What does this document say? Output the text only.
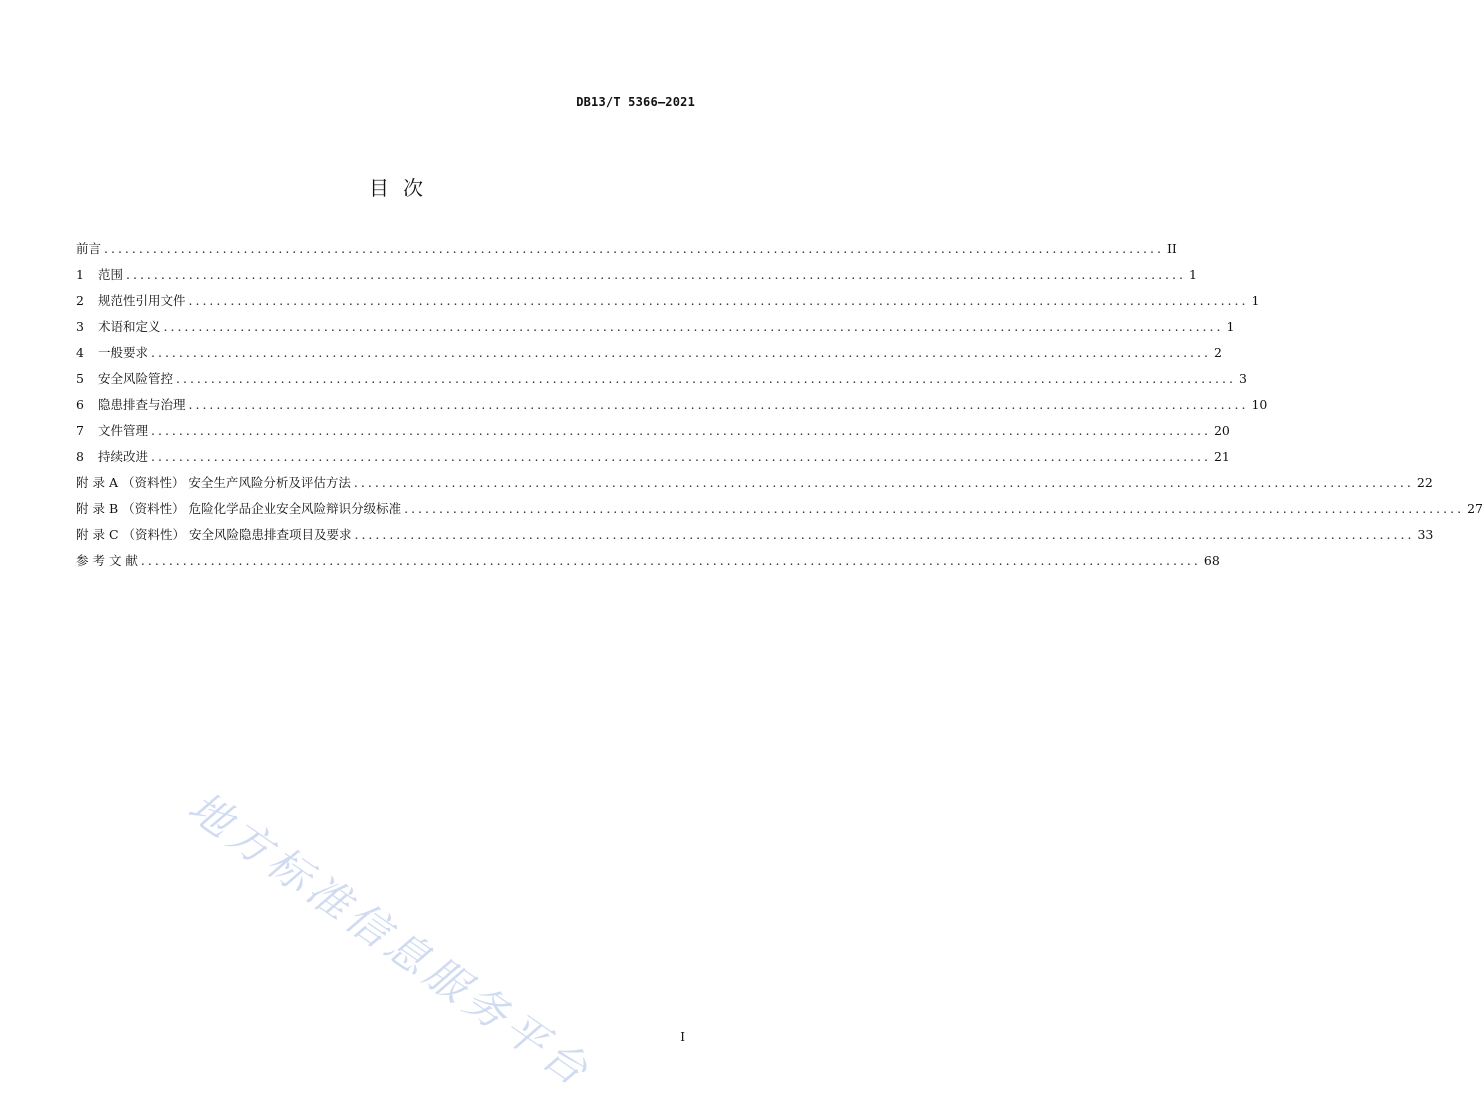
DB13/T 5366—2021
目次
前言 ........................................................................................................................................................ II
1	范围 ........................................................................................................................................................ 1
2	规范性引用文件 ........................................................................................................................................................ 1
3	术语和定义 ........................................................................................................................................................ 1
4	一般要求 ........................................................................................................................................................ 2
5	安全风险管控 ........................................................................................................................................................ 3
6	隐患排查与治理 ........................................................................................................................................................ 10
7	文件管理 ........................................................................................................................................................ 20
8	持续改进 ........................................................................................................................................................ 21
附 录 A （资料性） 安全生产风险分析及评估方法 ........................................................................................................................................................ 22
附 录 B （资料性） 危险化学品企业安全风险辩识分级标准 ........................................................................................................................................................ 27
附 录 C （资料性） 安全风险隐患排查项目及要求 ........................................................................................................................................................ 33
参 考 文 献 ........................................................................................................................................................ 68
地方标准信息服务平台	I
